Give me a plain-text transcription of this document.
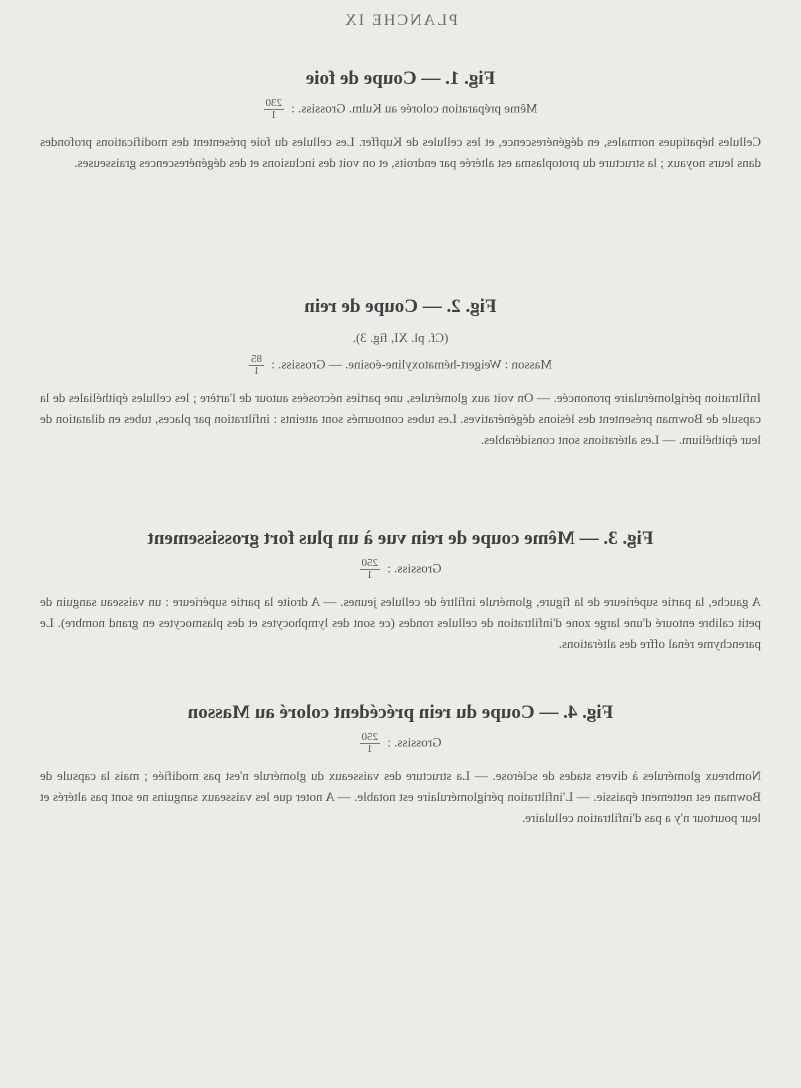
PLANCHE IX
Fig. 1. — Coupe de foie

Même préparation colorée au Kulm. Grossiss. :
$\frac{230}{1}$

Cellules hépatiques normales, en dégénérescence, et les cellules de Kupffer. Les cellules du foie présentent des modifications profondes dans leurs noyaux ; la structure du protoplasma est altérée par endroits, et on voit des inclusions et des dégénérescences graisseuses.

Fig. 2. — Coupe de rein

(Cf. pl. XI, fig. 3).

Masson : Weigert-hématoxyline-éosine. — Grossiss. :
$\frac{85}{1}$

Infiltration périglomérulaire prononcée. — On voit aux glomérules, une parties nécrosées autour de l'artère ; les cellules épithéliales de la capsule de Bowman présentent des lésions dégénératives. Les tubes contournés sont atteints : infiltration par places, tubes en dilatation de leur épithélium. — Les altérations sont considérables.

Fig. 3. — Même coupe de rein vue à un plus fort grossissement

Grossiss. :
$\frac{250}{1}$

A gauche, la partie supérieure de la figure, glomérule infiltré de cellules jeunes. — A droite la partie supérieure : un vaisseau sanguin de petit calibre entouré d'une large zone d'infiltration de cellules rondes (ce sont des lymphocytes et des plasmocytes en grand nombre). Le parenchyme rénal offre des altérations.

Fig. 4. — Coupe du rein précédent coloré au Masson

Grossiss. :
$\frac{250}{1}$

Nombreux glomérules à divers stades de sclérose. — La structure des vaisseaux du glomérule n'est pas modifiée ; mais la capsule de Bowman est nettement épaissie. — L'infiltration périglomérulaire est notable. — A noter que les vaisseaux sanguins ne sont pas altérés et leur pourtour n'y a pas d'infiltration cellulaire.
